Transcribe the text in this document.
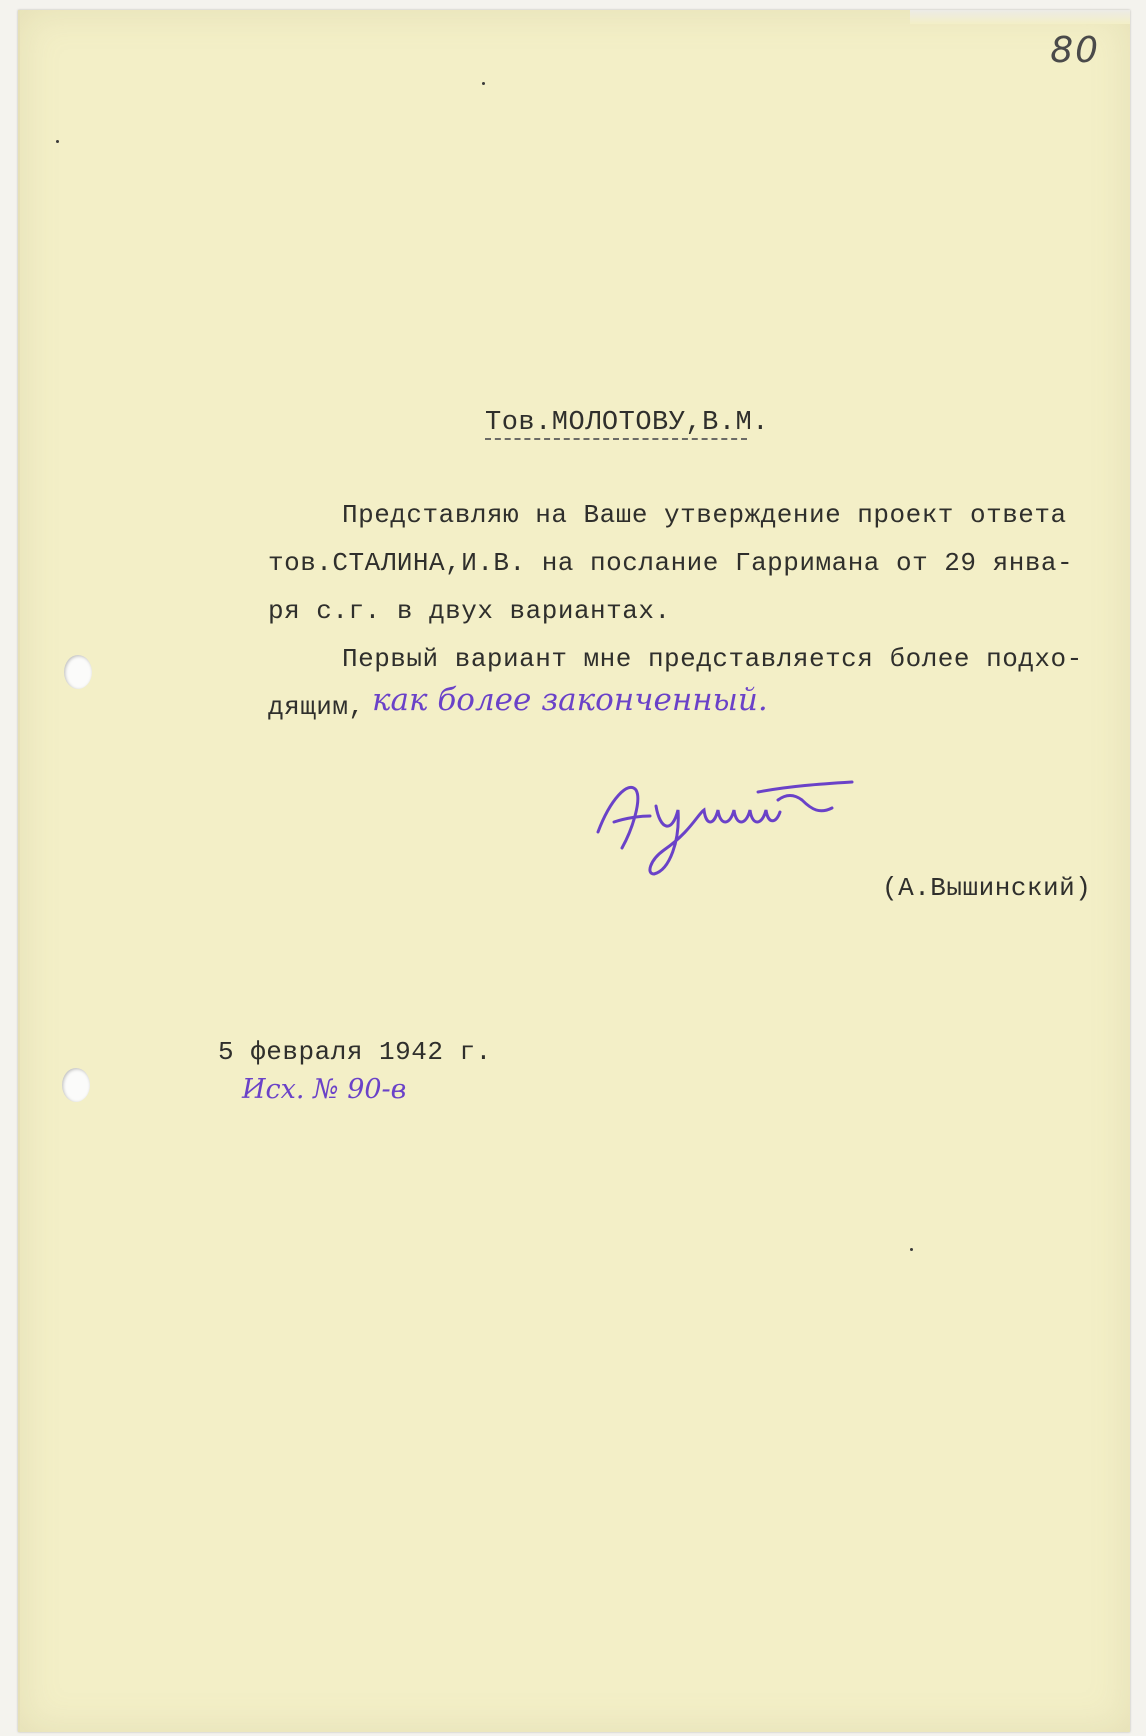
80

Тов.МОЛОТОВУ,В.М.

Представляю на Ваше утверждение проект ответа

тов.СТАЛИНА,И.В. на послание Гарримана от 29 янва-

ря с.г. в двух вариантах.

Первый вариант мне представляется более подхо-

дящим, как более законченный.

(А.Вышинский)

5 февраля 1942 г.

Исх. № 90-в
